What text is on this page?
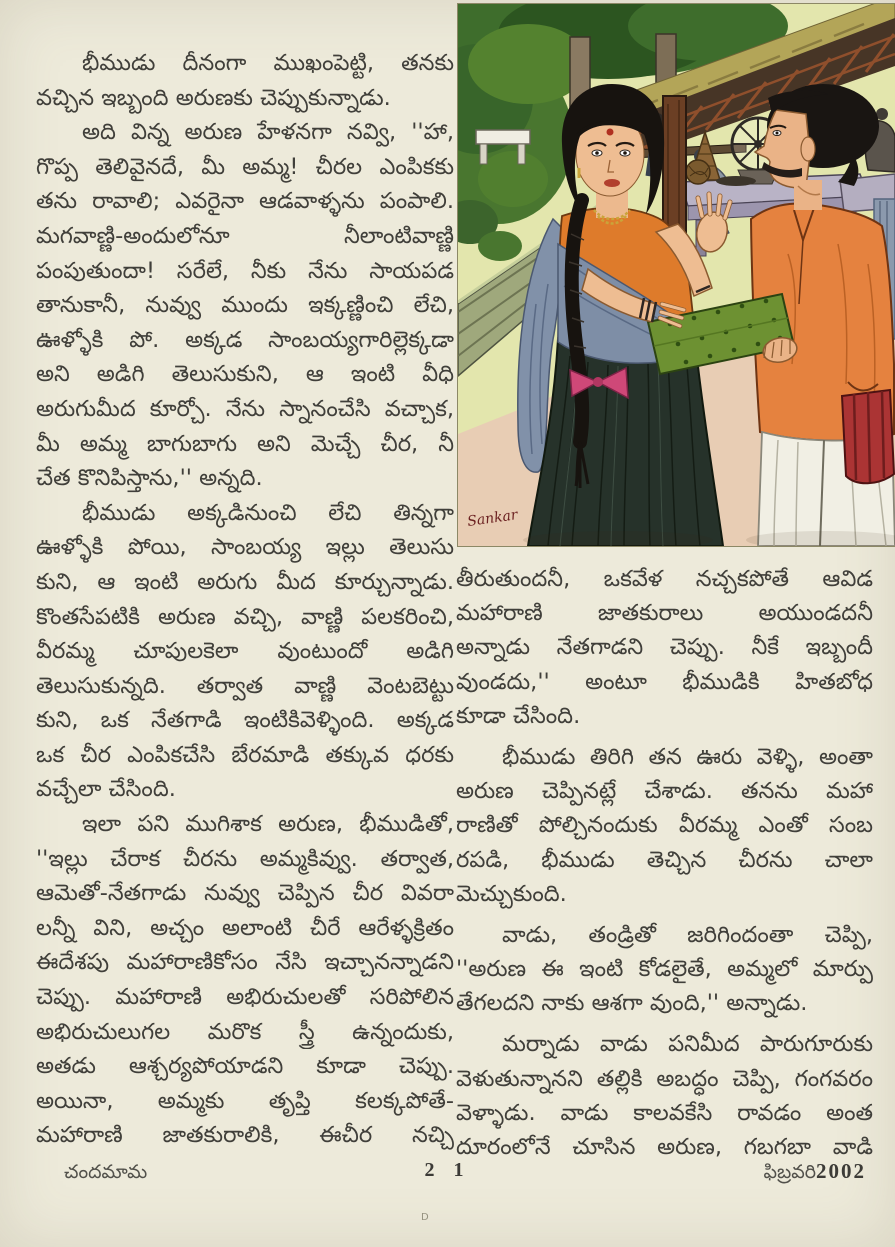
భీముడు దీనంగా ముఖంపెట్టి, తనకు
వచ్చిన ఇబ్బంది అరుణకు చెప్పుకున్నాడు.
అది విన్న అరుణ హేళనగా నవ్వి, ''హా,
గొప్ప తెలివైనదే, మీ అమ్మ! చీరల ఎంపికకు
తను రావాలి; ఎవరైనా ఆడవాళ్ళను పంపాలి.
మగవాణ్ణి-అందులోనూ నీలాంటివాణ్ణి
పంపుతుందా! సరేలే, నీకు నేను సాయపడ
తానుకానీ, నువ్వు ముందు ఇక్కణ్ణించి లేచి,
ఊళ్ళోకి పో. అక్కడ సాంబయ్యగారిల్లెక్కడా
అని అడిగి తెలుసుకుని, ఆ ఇంటి వీధి
అరుగుమీద కూర్చో. నేను స్నానంచేసి వచ్చాక,
మీ అమ్మ బాగుబాగు అని మెచ్చే చీర, నీ
చేత కొనిపిస్తాను,'' అన్నది.
భీముడు అక్కడినుంచి లేచి తిన్నగా
ఊళ్ళోకి పోయి, సాంబయ్య ఇల్లు తెలుసు
కుని, ఆ ఇంటి అరుగు మీద కూర్చున్నాడు.
కొంతసేపటికి అరుణ వచ్చి, వాణ్ణి పలకరించి,
వీరమ్మ చూపులకెలా వుంటుందో అడిగి
తెలుసుకున్నది. తర్వాత వాణ్ణి వెంటబెట్టు
కుని, ఒక నేతగాడి ఇంటికివెళ్ళింది. అక్కడ
ఒక చీర ఎంపికచేసి బేరమాడి తక్కువ ధరకు
వచ్చేలా చేసింది.
ఇలా పని ముగిశాక అరుణ, భీముడితో,
''ఇల్లు చేరాక చీరను అమ్మకివ్వు. తర్వాత,
ఆమెతో-నేతగాడు నువ్వు చెప్పిన చీర వివరా
లన్నీ విని, అచ్చం అలాంటి చీరే ఆరేళ్ళక్రితం
ఈదేశపు మహారాణికోసం నేసి ఇచ్చానన్నాడని
చెప్పు. మహారాణి అభిరుచులతో సరిపోలిన
అభిరుచులుగల మరొక స్త్రీ ఉన్నందుకు,
అతడు ఆశ్చర్యపోయాడని కూడా చెప్పు.
అయినా, అమ్మకు తృప్తి కలక్కపోతే-
మహారాణి జాతకురాలికి, ఈచీర నచ్చి
తీరుతుందనీ, ఒకవేళ నచ్చకపోతే ఆవిడ
మహారాణి జాతకురాలు అయుండదనీ
అన్నాడు నేతగాడని చెప్పు. నీకే ఇబ్బందీ
వుండదు,'' అంటూ భీముడికి హితబోధ
కూడా చేసింది.
భీముడు తిరిగి తన ఊరు వెళ్ళి, అంతా
అరుణ చెప్పినట్లే చేశాడు. తనను మహా
రాణితో పోల్చినందుకు వీరమ్మ ఎంతో సంబ
రపడి, భీముడు తెచ్చిన చీరను చాలా
మెచ్చుకుంది.
వాడు, తండ్రితో జరిగిందంతా చెప్పి,
''అరుణ ఈ ఇంటి కోడలైతే, అమ్మలో మార్పు
తేగలదని నాకు ఆశగా వుంది,'' అన్నాడు.
మర్నాడు వాడు పనిమీద పారుగూరుకు
వెళుతున్నానని తల్లికి అబద్ధం చెప్పి, గంగవరం
వెళ్ళాడు. వాడు కాలవకేసి రావడం అంత
దూరంలోనే చూసిన అరుణ, గబగబా వాడి
Sankar
చందమామ	2 1	ఫిబ్రవరి2002
D
